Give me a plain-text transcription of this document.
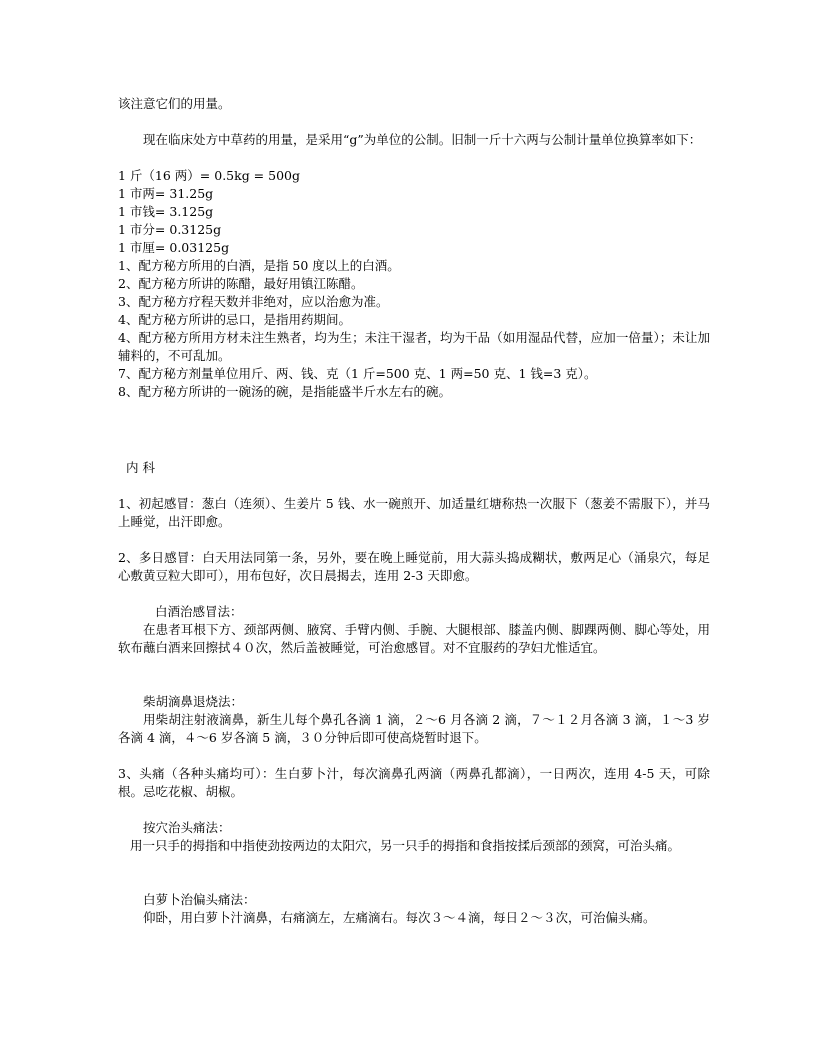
该注意它们的用量。
现在临床处方中草药的用量，是采用“g”为单位的公制。旧制一斤十六两与公制计量单位换算率如下：
1 斤（16 两）= 0.5kg = 500g
1 市两= 31.25g
1 市钱= 3.125g
1 市分= 0.3125g
1 市厘= 0.03125g
1、配方秘方所用的白酒，是指 50 度以上的白酒。
2、配方秘方所讲的陈醋，最好用镇江陈醋。
3、配方秘方疗程天数并非绝对，应以治愈为准。
4、配方秘方所讲的忌口，是指用药期间。
4、配方秘方所用方材未注生熟者，均为生；未注干湿者，均为干品（如用湿品代替，应加一倍量）；未让加辅料的，不可乱加。
7、配方秘方剂量单位用斤、两、钱、克（1 斤=500 克、1 两=50 克、1 钱=3 克）。
8、配方秘方所讲的一碗汤的碗，是指能盛半斤水左右的碗。
内 科
1、初起感冒：葱白（连须）、生姜片 5 钱、水一碗煎开、加适量红塘称热一次服下（葱姜不需服下），并马上睡觉，出汗即愈。
2、多日感冒：白天用法同第一条，另外，要在晚上睡觉前，用大蒜头捣成糊状，敷两足心（涌泉穴，每足心敷黄豆粒大即可），用布包好，次日晨揭去，连用 2-3 天即愈。
白酒治感冒法：
在患者耳根下方、颈部两侧、腋窝、手臂内侧、手腕、大腿根部、膝盖内侧、脚踝两侧、脚心等处，用软布蘸白酒来回擦拭４０次，然后盖被睡觉，可治愈感冒。对不宜服药的孕妇尤惟适宜。
柴胡滴鼻退烧法：
用柴胡注射液滴鼻，新生儿每个鼻孔各滴 1 滴，２～6 月各滴 2 滴，７～１２月各滴 3 滴，１～3 岁各滴 4 滴，４～6 岁各滴 5 滴，３０分钟后即可使高烧暂时退下。
3、头痛（各种头痛均可）：生白萝卜汁，每次滴鼻孔两滴（两鼻孔都滴），一日两次，连用 4-5 天，可除根。忌吃花椒、胡椒。
按穴治头痛法：
用一只手的拇指和中指使劲按两边的太阳穴，另一只手的拇指和食指按揉后颈部的颈窝，可治头痛。
白萝卜治偏头痛法：
仰卧，用白萝卜汁滴鼻，右痛滴左，左痛滴右。每次３～４滴，每日２～３次，可治偏头痛。
